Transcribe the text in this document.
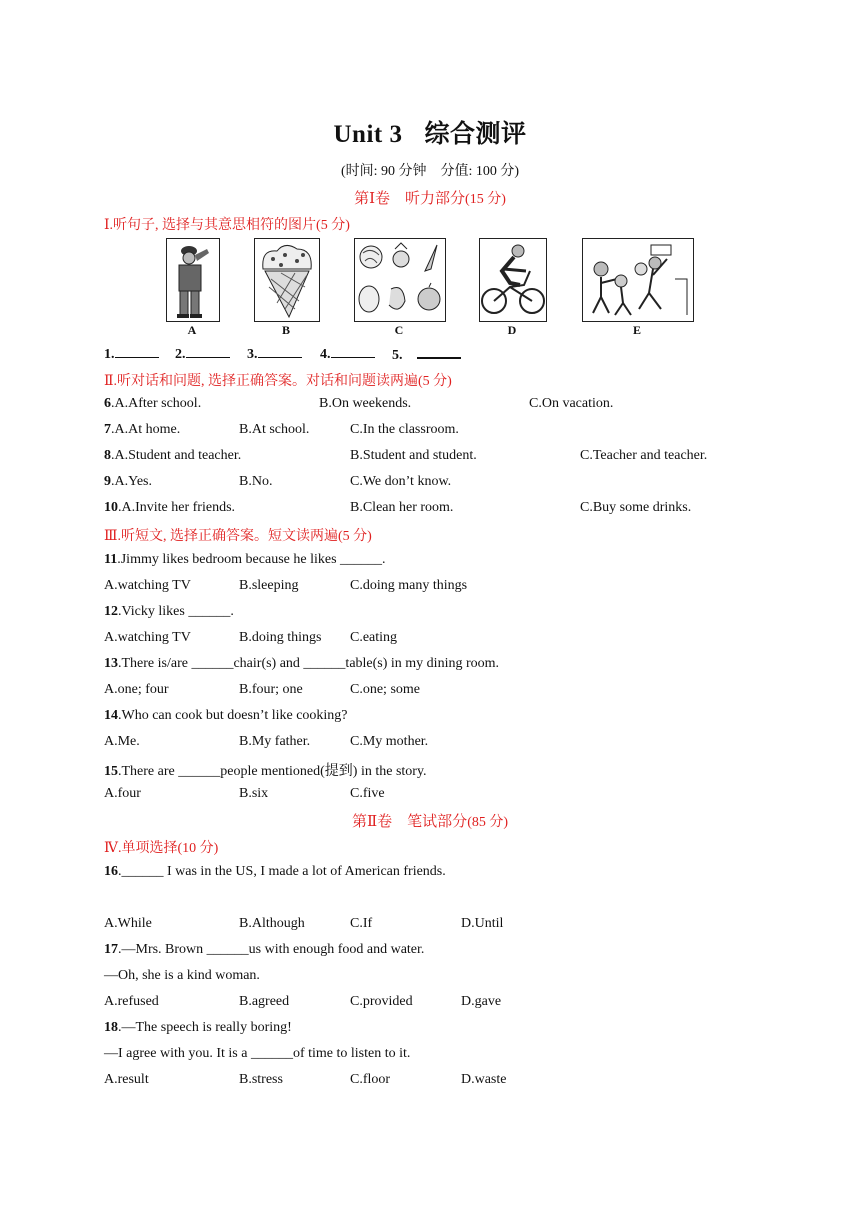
Unit 3 综合测评
(时间: 90 分钟　分值: 100 分)
第Ⅰ卷　听力部分(15 分)
Ⅰ.听句子, 选择与其意思相符的图片(5 分)
A	B	C	D	E
1.	2.	3.	4.	5.
Ⅱ.听对话和问题, 选择正确答案。对话和问题读两遍(5 分)
6.A.After school.	B.On weekends.	C.On vacation.
7.A.At home.	B.At school.	C.In the classroom.
8.A.Student and teacher.	B.Student and student.	C.Teacher and teacher.
9.A.Yes.	B.No.	C.We don’t know.
10.A.Invite her friends.	B.Clean her room.	C.Buy some drinks.
Ⅲ.听短文, 选择正确答案。短文读两遍(5 分)
11.Jimmy likes bedroom because he likes ______.
A.watching TV	B.sleeping	C.doing many things
12.Vicky likes ______.
A.watching TV	B.doing things C.eating
13.There is/are ______chair(s) and ______table(s) in my dining room.
A.one; four	B.four; one	C.one; some
14.Who can cook but doesn’t like cooking?
A.Me.	B.My father.	C.My mother.
15.There are ______people mentioned(提到) in the story.
A.four	B.six	C.five
第Ⅱ卷　笔试部分(85 分)
Ⅳ.单项选择(10 分)
16.______ I was in the US, I made a lot of American friends.
A.While	B.Although	C.If	D.Until
17.—Mrs. Brown ______us with enough food and water.
—Oh, she is a kind woman.
A.refused	B.agreed	C.provided	D.gave
18.—The speech is really boring!
—I agree with you. It is a ______of time to listen to it.
A.result	B.stress	C.floor	D.waste
